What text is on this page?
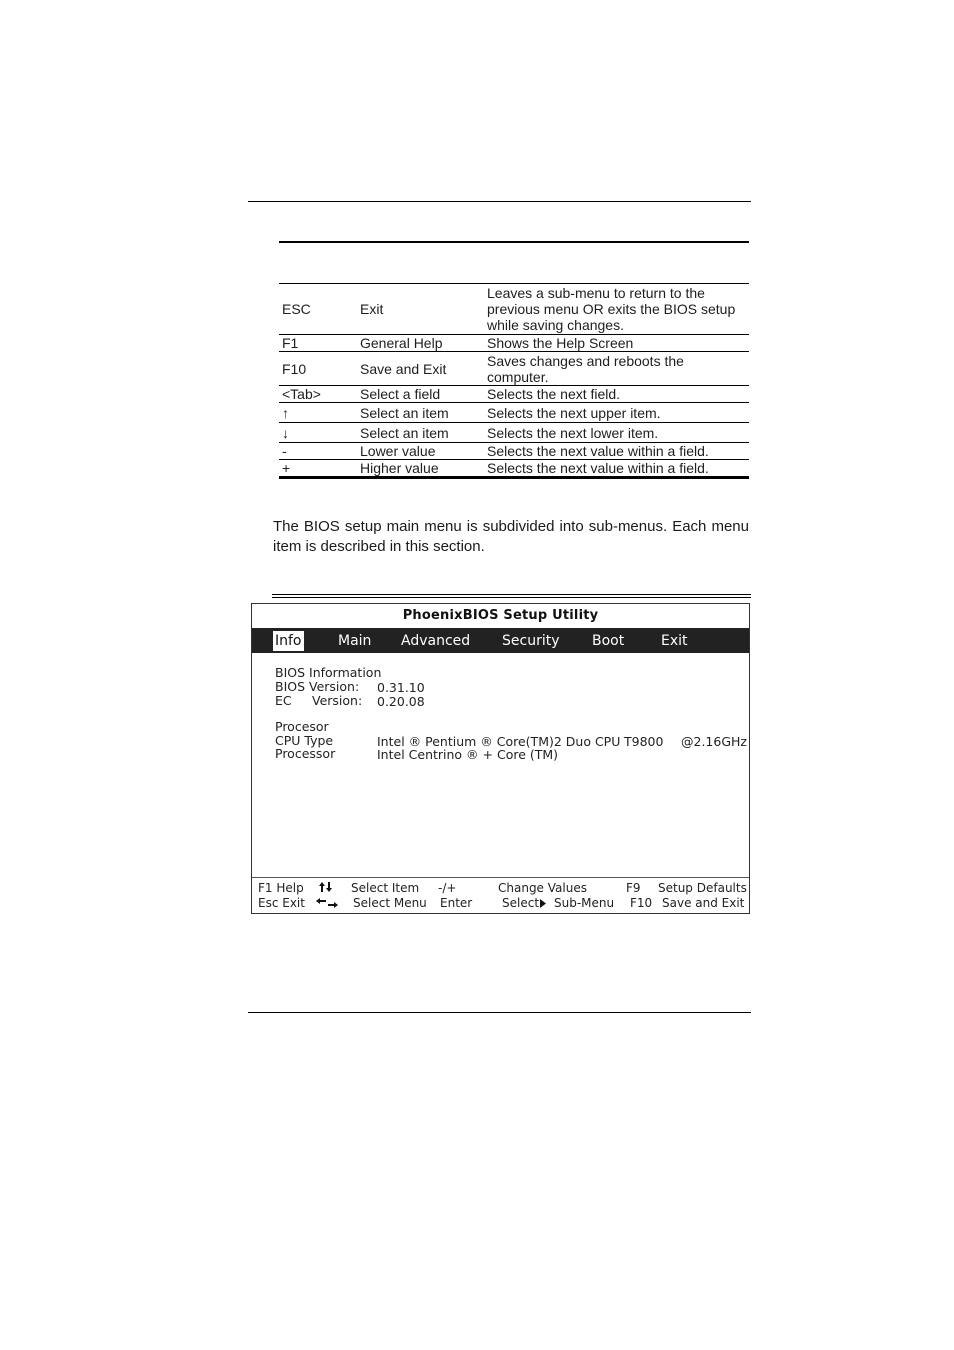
ESC	Exit	Leaves a sub-menu to return to the previous menu OR exits the BIOS setup while saving changes.
F1	General Help	Shows the Help Screen
F10	Save and Exit	Saves changes and reboots the computer.
<Tab>	Select a field	Selects the next field.
↑	Select an item	Selects the next upper item.
↓	Select an item	Selects the next lower item.
-	Lower value	Selects the next value within a field.
+	Higher value	Selects the next value within a field.
The BIOS setup main menu is subdivided into sub-menus. Each menu item is described in this section.
PhoenixBIOS Setup Utility
Info	Main Advanced Security Boot	Exit
BIOS Information
BIOS Version: 0.31.10
EC Version: 0.20.08
Procesor
CPU Type	Intel ® Pentium ® Core(TM)2 Duo CPU T9800 @2.16GHz
Processor	Intel Centrino ® + Core (TM)
F1 Help	Select Item -/+	Change Values	F9 Setup Defaults
Esc Exit	Select Menu Enter Select Sub-Menu F10 Save and Exit
